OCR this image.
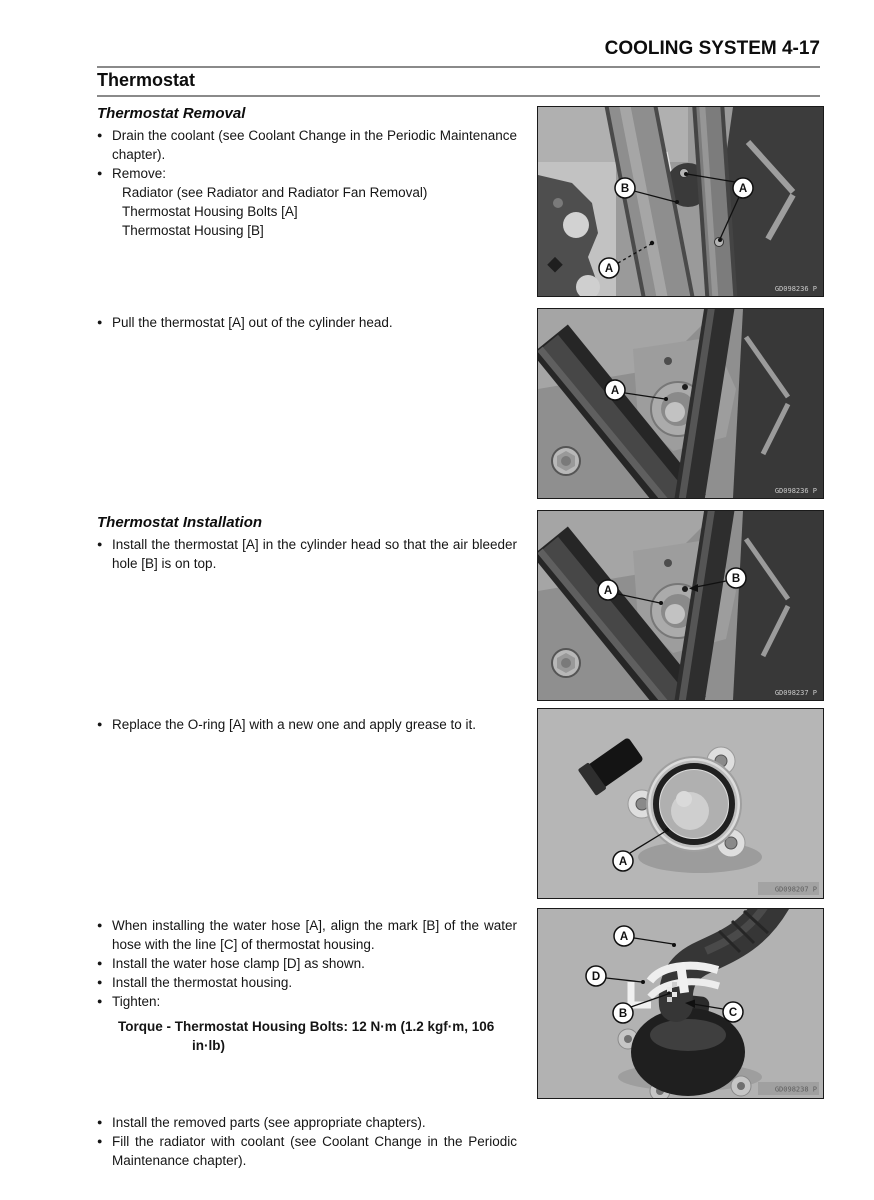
COOLING SYSTEM 4-17
Thermostat
Thermostat Removal
● Drain the coolant (see Coolant Change in the Periodic Maintenance chapter).
● Remove:
Radiator (see Radiator and Radiator Fan Removal)
Thermostat Housing Bolts [A]
Thermostat Housing [B]
● Pull the thermostat [A] out of the cylinder head.
Thermostat Installation
● Install the thermostat [A] in the cylinder head so that the air bleeder hole [B] is on top.
● Replace the O-ring [A] with a new one and apply grease to it.
● When installing the water hose [A], align the mark [B] of the water hose with the line [C] of thermostat housing.
● Install the water hose clamp [D] as shown.
● Install the thermostat housing.
● Tighten:
Torque - Thermostat Housing Bolts: 12 N·m (1.2 kgf·m, 106
in·lb)
● Install the removed parts (see appropriate chapters).
● Fill the radiator with coolant (see Coolant Change in the Periodic Maintenance chapter).
B	A
A
GD098236 P
A
GD098236 P
A
B
GD098237 P
A
GD098207 P
A
D
B	C
GD098238 P
